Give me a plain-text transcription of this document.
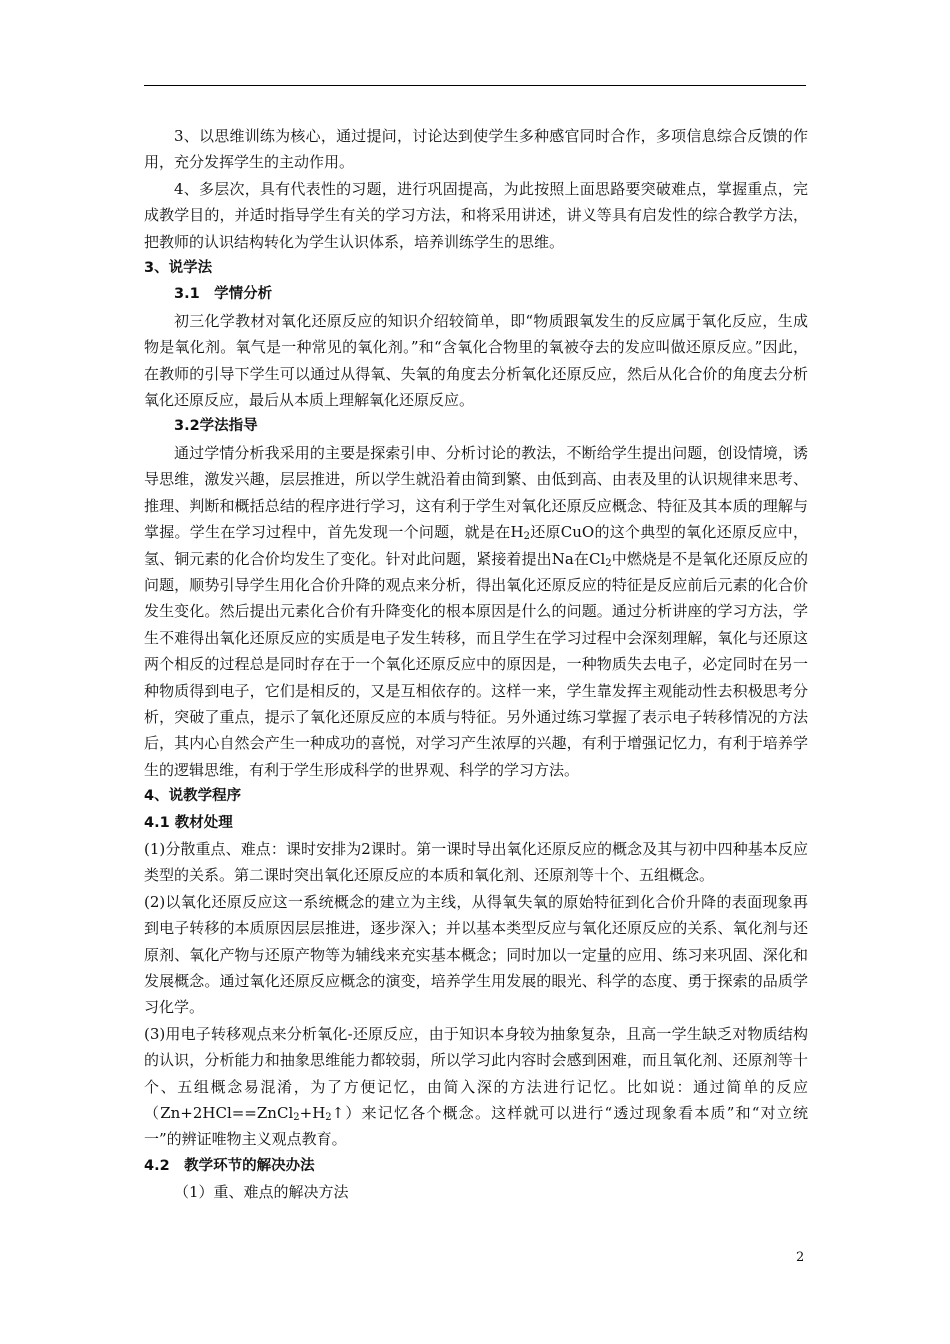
3、以思维训练为核心，通过提问，讨论达到使学生多种感官同时合作，多项信息综合反馈的作用，充分发挥学生的主动作用。

4、多层次，具有代表性的习题，进行巩固提高，为此按照上面思路要突破难点，掌握重点，完成教学目的，并适时指导学生有关的学习方法，和将采用讲述，讲义等具有启发性的综合教学方法，把教师的认识结构转化为学生认识体系，培养训练学生的思维。

3、说学法

3.1　学情分析

初三化学教材对氧化还原反应的知识介绍较简单，即“物质跟氧发生的反应属于氧化反应，生成物是氧化剂。氧气是一种常见的氧化剂。”和“含氧化合物里的氧被夺去的发应叫做还原反应。”因此，在教师的引导下学生可以通过从得氧、失氧的角度去分析氧化还原反应，然后从化合价的角度去分析氧化还原反应，最后从本质上理解氧化还原反应。

3.2学法指导

通过学情分析我采用的主要是探索引申、分析讨论的教法，不断给学生提出问题，创设情境，诱导思维，激发兴趣，层层推进，所以学生就沿着由简到繁、由低到高、由表及里的认识规律来思考、推理、判断和概括总结的程序进行学习，这有利于学生对氧化还原反应概念、特征及其本质的理解与掌握。学生在学习过程中，首先发现一个问题，就是在$H_2$还原CuO的这个典型的氧化还原反应中，氢、铜元素的化合价均发生了变化。针对此问题，紧接着提出Na在$Cl_2$中燃烧是不是氧化还原反应的问题，顺势引导学生用化合价升降的观点来分析，得出氧化还原反应的特征是反应前后元素的化合价发生变化。然后提出元素化合价有升降变化的根本原因是什么的问题。通过分析讲座的学习方法，学生不难得出氧化还原反应的实质是电子发生转移，而且学生在学习过程中会深刻理解，氧化与还原这两个相反的过程总是同时存在于一个氧化还原反应中的原因是，一种物质失去电子，必定同时在另一种物质得到电子，它们是相反的，又是互相依存的。这样一来，学生靠发挥主观能动性去积极思考分析，突破了重点，提示了氧化还原反应的本质与特征。另外通过练习掌握了表示电子转移情况的方法后，其内心自然会产生一种成功的喜悦，对学习产生浓厚的兴趣，有利于增强记忆力，有利于培养学生的逻辑思维，有利于学生形成科学的世界观、科学的学习方法。

4、说教学程序

4.1 教材处理

(1)分散重点、难点：课时安排为2课时。第一课时导出氧化还原反应的概念及其与初中四种基本反应类型的关系。第二课时突出氧化还原反应的本质和氧化剂、还原剂等十个、五组概念。

(2)以氧化还原反应这一系统概念的建立为主线，从得氧失氧的原始特征到化合价升降的表面现象再到电子转移的本质原因层层推进，逐步深入；并以基本类型反应与氧化还原反应的关系、氧化剂与还原剂、氧化产物与还原产物等为辅线来充实基本概念；同时加以一定量的应用、练习来巩固、深化和发展概念。通过氧化还原反应概念的演变，培养学生用发展的眼光、科学的态度、勇于探索的品质学习化学。

(3)用电子转移观点来分析氧化-还原反应，由于知识本身较为抽象复杂，且高一学生缺乏对物质结构的认识，分析能力和抽象思维能力都较弱，所以学习此内容时会感到困难，而且氧化剂、还原剂等十个、五组概念易混淆，为了方便记忆，由简入深的方法进行记忆。比如说：通过简单的反应$(Zn+2HCl==ZnCl_2+H_2↑)$来记忆各个概念。这样就可以进行“透过现象看本质”和“对立统一”的辨证唯物主义观点教育。

4.2　教学环节的解决办法

（1）重、难点的解决方法

2
